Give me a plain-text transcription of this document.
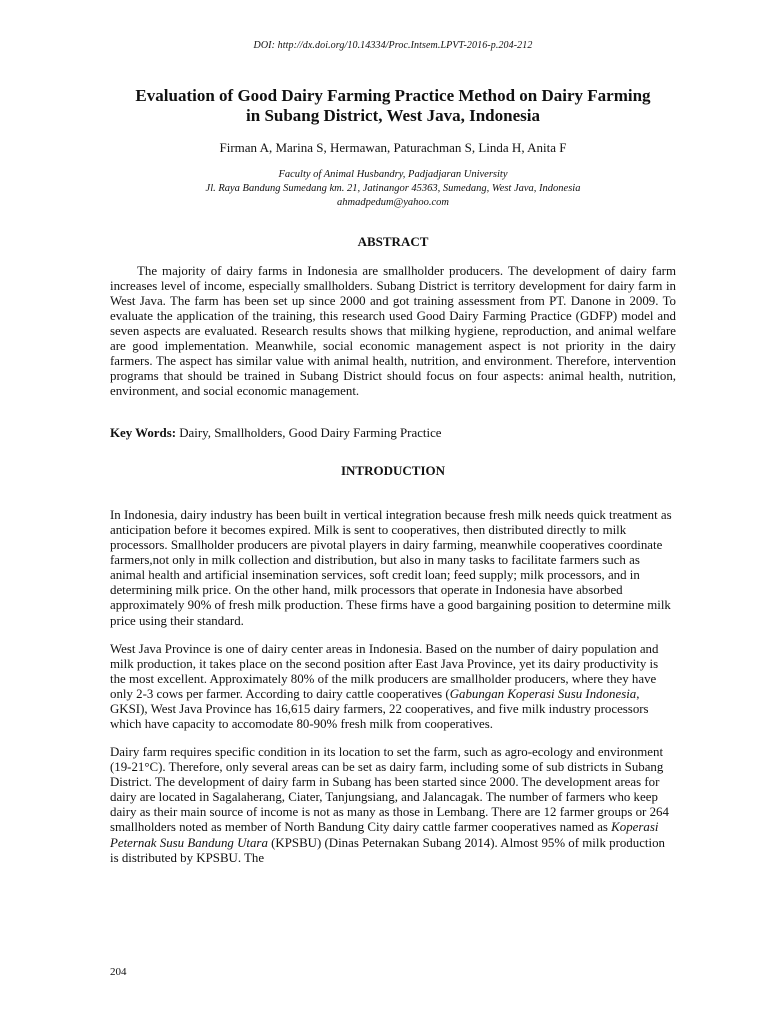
DOI: http://dx.doi.org/10.14334/Proc.Intsem.LPVT-2016-p.204-212
Evaluation of Good Dairy Farming Practice Method on Dairy Farming
in Subang District, West Java, Indonesia
Firman A, Marina S, Hermawan, Paturachman S, Linda H, Anita F
Faculty of Animal Husbandry, Padjadjaran University
Jl. Raya Bandung Sumedang km. 21, Jatinangor 45363, Sumedang, West Java, Indonesia
ahmadpedum@yahoo.com
ABSTRACT

The majority of dairy farms in Indonesia are smallholder producers. The development of dairy farm increases level of income, especially smallholders. Subang District is territory development for dairy farm in West Java. The farm has been set up since 2000 and got training assessment from PT. Danone in 2009. To evaluate the application of the training, this research used Good Dairy Farming Practice (GDFP) model and seven aspects are evaluated. Research results shows that milking hygiene, reproduction, and animal welfare are good implementation. Meanwhile, social economic management aspect is not priority in the dairy farmers. The aspect has similar value with animal health, nutrition, and environment. Therefore, intervention programs that should be trained in Subang District should focus on four aspects: animal health, nutrition, environment, and social economic management.

Key Words: Dairy, Smallholders, Good Dairy Farming Practice

INTRODUCTION

In Indonesia, dairy industry has been built in vertical integration because fresh milk needs quick treatment as anticipation before it becomes expired. Milk is sent to cooperatives, then distributed directly to milk processors. Smallholder producers are pivotal players in dairy farming, meanwhile cooperatives coordinate farmers,not only in milk collection and distribution, but also in many tasks to facilitate farmers such as animal health and artificial insemination services, soft credit loan; feed supply; milk processors, and in determining milk price. On the other hand, milk processors that operate in Indonesia have absorbed approximately 90% of fresh milk production. These firms have a good bargaining position to determine milk price using their standard.

West Java Province is one of dairy center areas in Indonesia. Based on the number of dairy population and milk production, it takes place on the second position after East Java Province, yet its dairy productivity is the most excellent. Approximately 80% of the milk producers are smallholder producers, where they have only 2-3 cows per farmer. According to dairy cattle cooperatives (Gabungan Koperasi Susu Indonesia, GKSI), West Java Province has 16,615 dairy farmers, 22 cooperatives, and five milk industry processors which have capacity to accomodate 80-90% fresh milk from cooperatives.

Dairy farm requires specific condition in its location to set the farm, such as agro-ecology and environment (19-21°C). Therefore, only several areas can be set as dairy farm, including some of sub districts in Subang District. The development of dairy farm in Subang has been started since 2000. The development areas for dairy are located in Sagalaherang, Ciater, Tanjungsiang, and Jalancagak. The number of farmers who keep dairy as their main source of income is not as many as those in Lembang. There are 12 farmer groups or 264 smallholders noted as member of North Bandung City dairy cattle farmer cooperatives named as Koperasi Peternak Susu Bandung Utara (KPSBU) (Dinas Peternakan Subang 2014). Almost 95% of milk production is distributed by KPSBU. The

204
